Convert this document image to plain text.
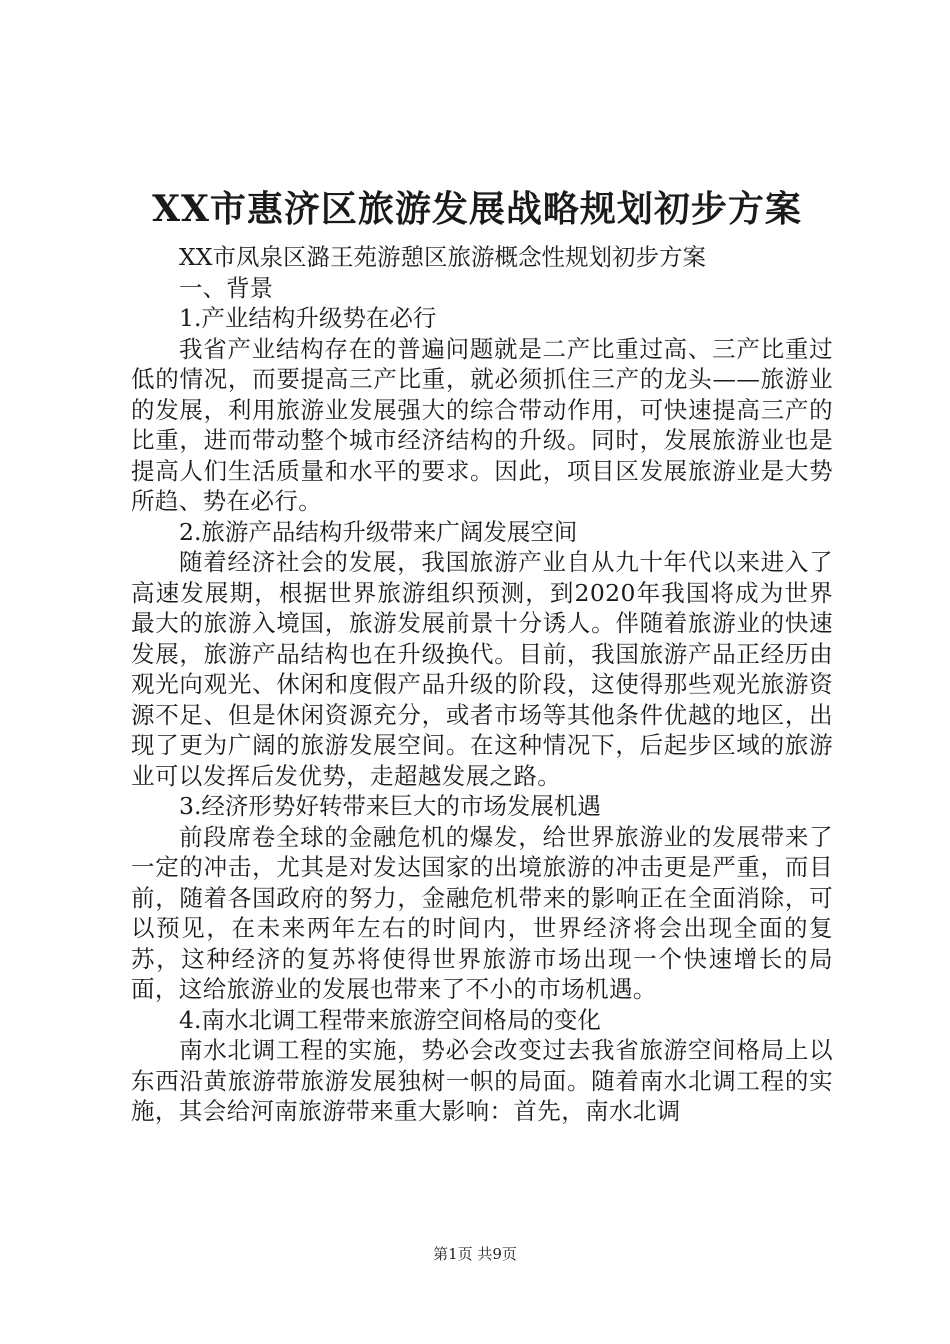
XX市惠济区旅游发展战略规划初步方案

XX市凤泉区潞王苑游憩区旅游概念性规划初步方案

一、背景

1.产业结构升级势在必行

我省产业结构存在的普遍问题就是二产比重过高、三产比重过低的情况，而要提高三产比重，就必须抓住三产的龙头——旅游业的发展，利用旅游业发展强大的综合带动作用，可快速提高三产的比重，进而带动整个城市经济结构的升级。同时，发展旅游业也是提高人们生活质量和水平的要求。因此，项目区发展旅游业是大势所趋、势在必行。

2.旅游产品结构升级带来广阔发展空间

随着经济社会的发展，我国旅游产业自从九十年代以来进入了高速发展期，根据世界旅游组织预测，到2020年我国将成为世界最大的旅游入境国，旅游发展前景十分诱人。伴随着旅游业的快速发展，旅游产品结构也在升级换代。目前，我国旅游产品正经历由观光向观光、休闲和度假产品升级的阶段，这使得那些观光旅游资源不足、但是休闲资源充分，或者市场等其他条件优越的地区，出现了更为广阔的旅游发展空间。在这种情况下，后起步区域的旅游业可以发挥后发优势，走超越发展之路。

3.经济形势好转带来巨大的市场发展机遇

前段席卷全球的金融危机的爆发，给世界旅游业的发展带来了一定的冲击，尤其是对发达国家的出境旅游的冲击更是严重，而目前，随着各国政府的努力，金融危机带来的影响正在全面消除，可以预见，在未来两年左右的时间内，世界经济将会出现全面的复苏，这种经济的复苏将使得世界旅游市场出现一个快速增长的局面，这给旅游业的发展也带来了不小的市场机遇。

4.南水北调工程带来旅游空间格局的变化

南水北调工程的实施，势必会改变过去我省旅游空间格局上以东西沿黄旅游带旅游发展独树一帜的局面。随着南水北调工程的实施，其会给河南旅游带来重大影响：首先，南水北调

第1页 共9页
